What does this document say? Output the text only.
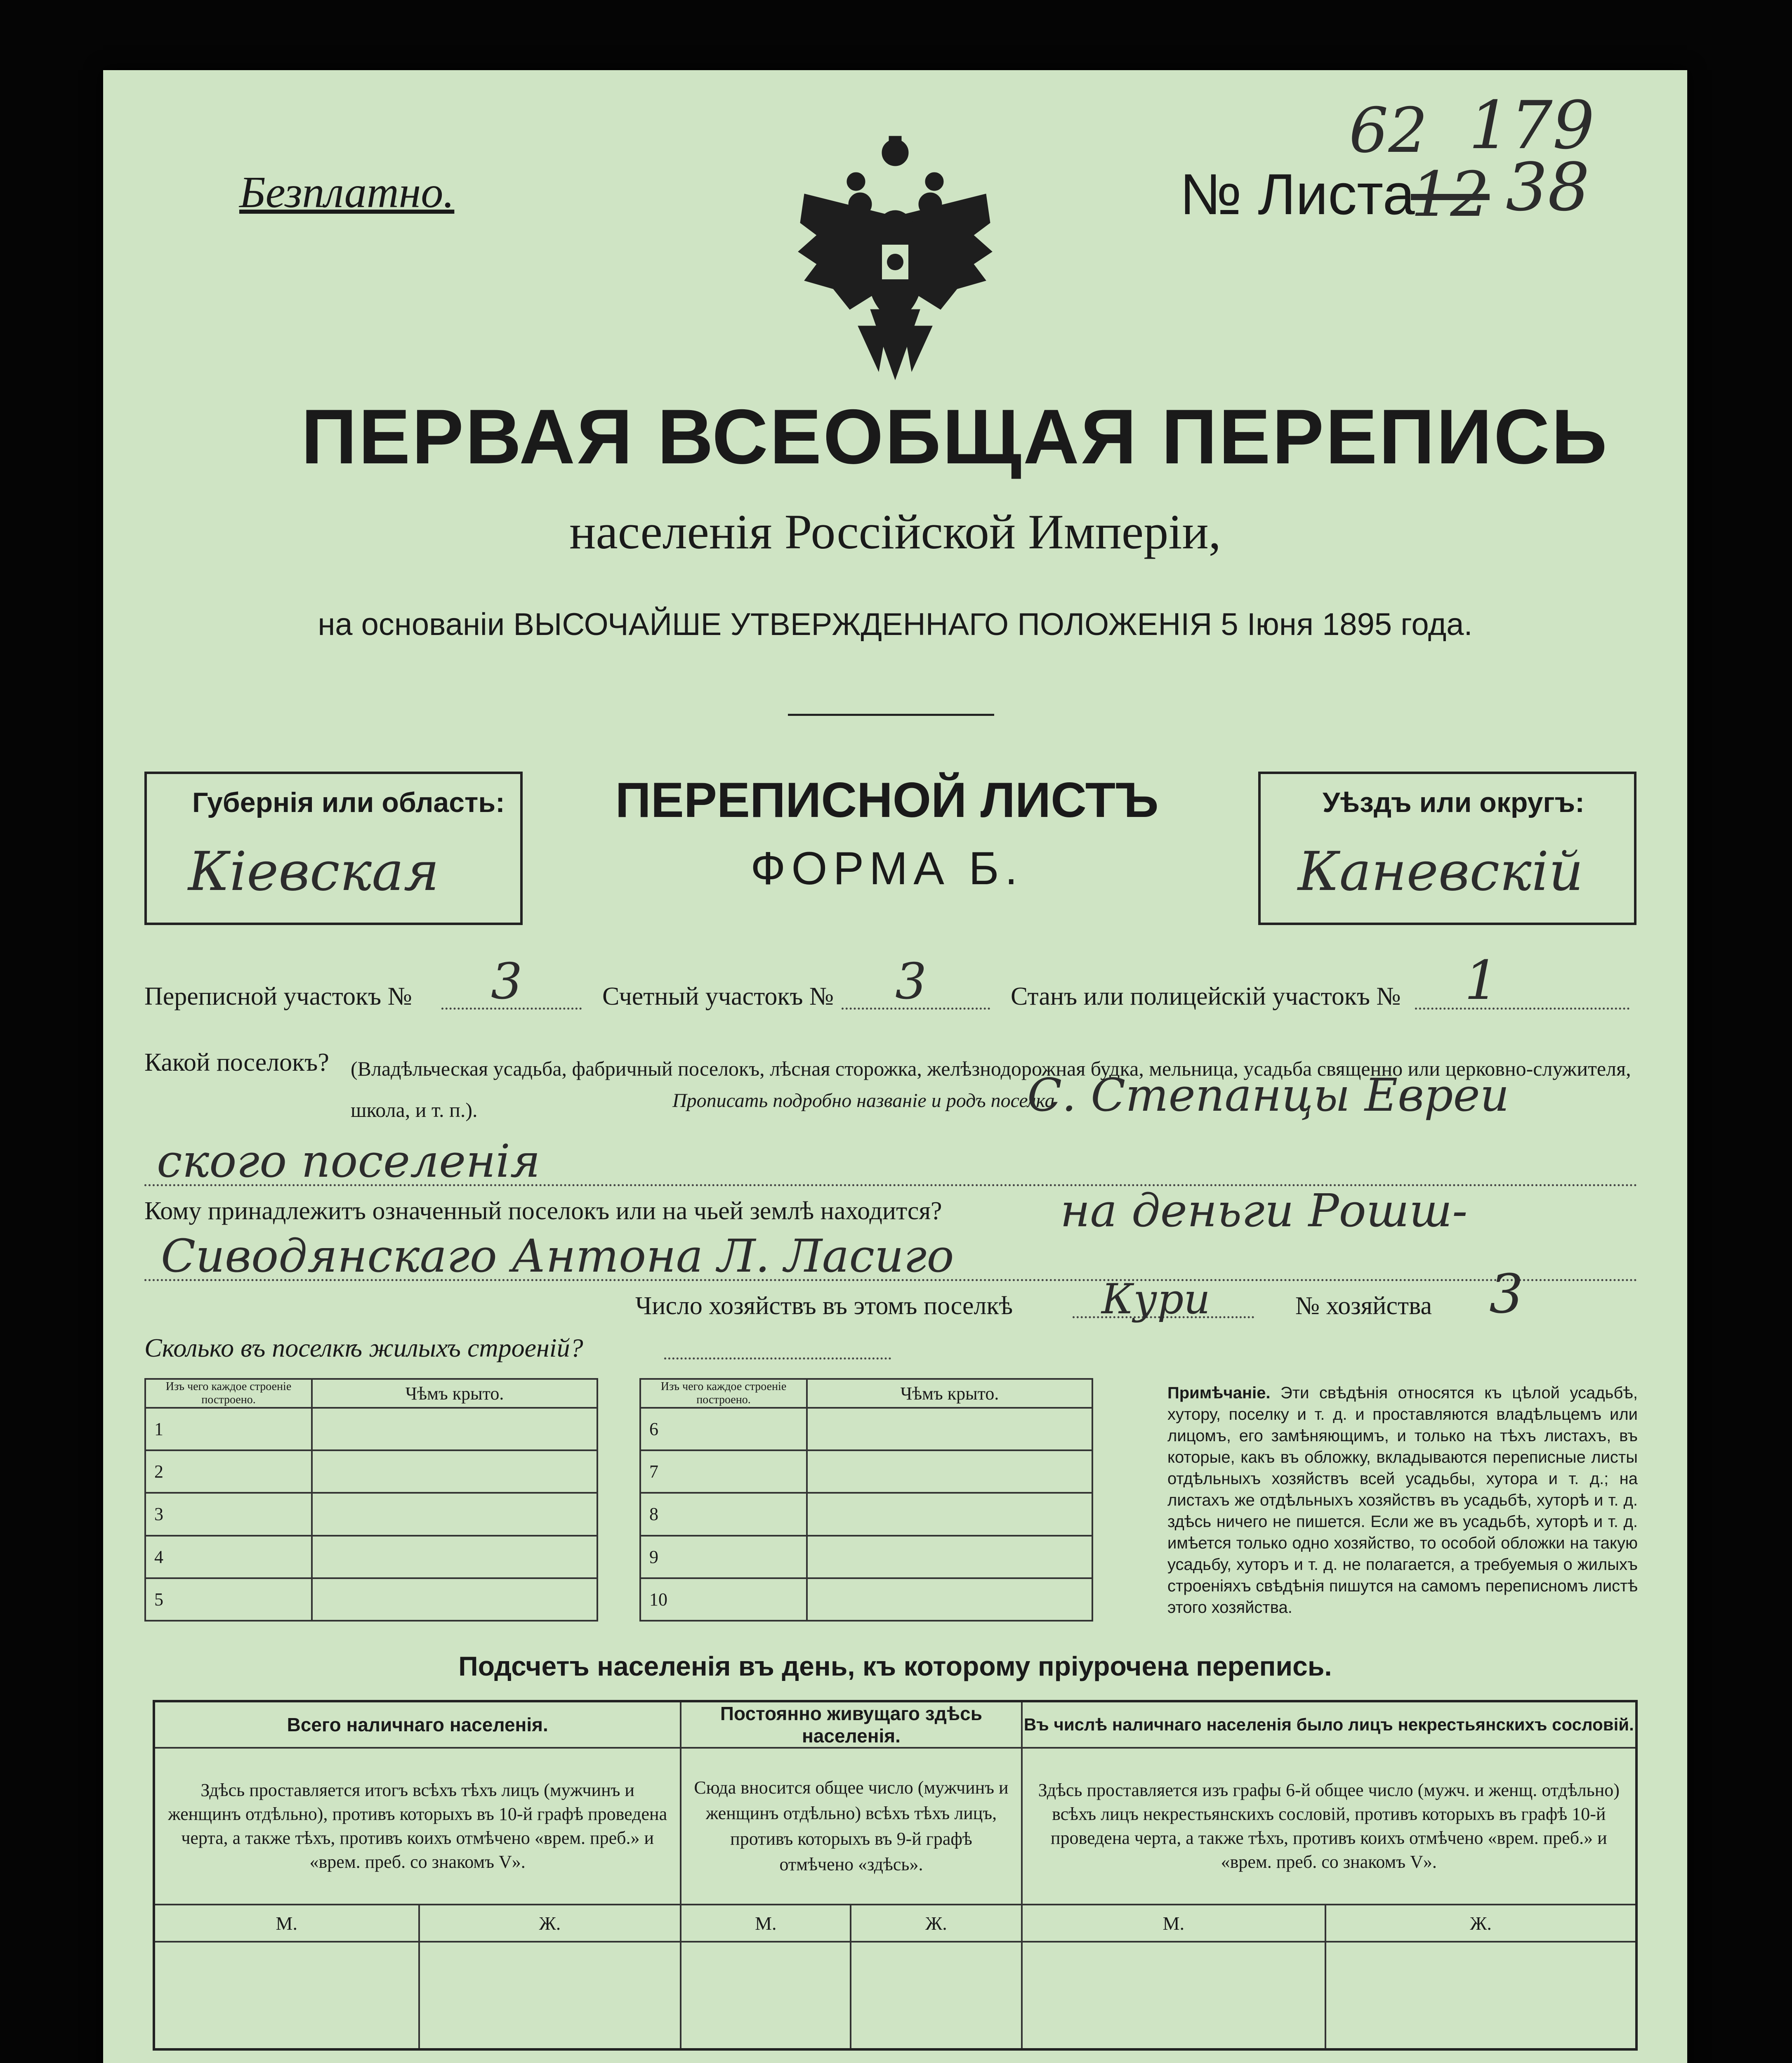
Безплатно.	№ Листа
12 38
62 179
ПЕРВАЯ ВСЕОБЩАЯ ПЕРЕПИСЬ
населенія Россійской Имперіи,
на основаніи ВЫСОЧАЙШЕ УТВЕРЖДЕННАГО ПОЛОЖЕНІЯ 5 Іюня 1895 года.
Губернія или область:
Кіевская
ПЕРЕПИСНОЙ ЛИСТЪ
ФОРМА Б.
Уѣздъ или округъ:
Каневскій
Переписной участокъ № 3	Счетный участокъ № 3	Станъ или полицейскій участокъ № 1
Какой поселокъ? (Владѣльческая усадьба, фабричный поселокъ, лѣсная сторожка, желѣзнодорожная будка, мельница, усадьба священно или церковно-служителя, школа, и т. п.).	Прописать подробно названіе и родъ поселка
С. Степанцы Евреи
ского поселенія
Кому принадлежитъ означенный поселокъ или на чьей землѣ находится?	на деньги Рошш-
Сиводянскаго Антона Л. Ласиго
Число хозяйствъ въ этомъ поселкѣ Кури	№ хозяйства 3
Сколько въ поселкѣ жилыхъ строеній?
Изъ чего каждое строеніе построено.	Чѣмъ крыто.
1	
2	
3	
4	
5	
Изъ чего каждое строеніе построено.	Чѣмъ крыто.
6	
7	
8	
9	
10	
Примѣчаніе. Эти свѣдѣнія относятся къ цѣлой усадьбѣ, хутору, поселку и т. д. и проставляются владѣльцемъ или лицомъ, его замѣняющимъ, и только на тѣхъ листахъ, въ которые, какъ въ обложку, вкладываются переписные листы отдѣльныхъ хозяйствъ всей усадьбы, хутора и т. д.; на листахъ же отдѣльныхъ хозяйствъ въ усадьбѣ, хуторѣ и т. д. здѣсь ничего не пишется. Если же въ усадьбѣ, хуторѣ и т. д. имѣется только одно хозяйство, то особой обложки на такую усадьбу, хуторъ и т. д. не полагается, а требуемыя о жилыхъ строеніяхъ свѣдѣнія пишутся на самомъ переписномъ листѣ этого хозяйства.
Подсчетъ населенія въ день, къ которому пріурочена перепись.
Всего наличнаго населенія.		Постоянно живущаго здѣсь населенія.		Въ числѣ наличнаго населенія было лицъ некрестьянскихъ сословій.	
Здѣсь проставляется итогъ всѣхъ тѣхъ лицъ (мужчинъ и женщинъ отдѣльно), противъ которыхъ въ 10-й графѣ проведена черта, а также тѣхъ, противъ коихъ отмѣчено «врем. преб.» и «врем. преб. со знакомъ V».		Сюда вносится общее число (мужчинъ и женщинъ отдѣльно) всѣхъ тѣхъ лицъ, противъ которыхъ въ 9-й графѣ отмѣчено «здѣсь».		Здѣсь проставляется изъ графы 6-й общее число (мужч. и женщ. отдѣльно) всѣхъ лицъ некрестьянскихъ сословій, противъ которыхъ въ графѣ 10-й проведена черта, а также тѣхъ, противъ коихъ отмѣчено «врем. преб.» и «врем. преб. со знакомъ V».	
М.	Ж.	М.	Ж.	М.	Ж.
